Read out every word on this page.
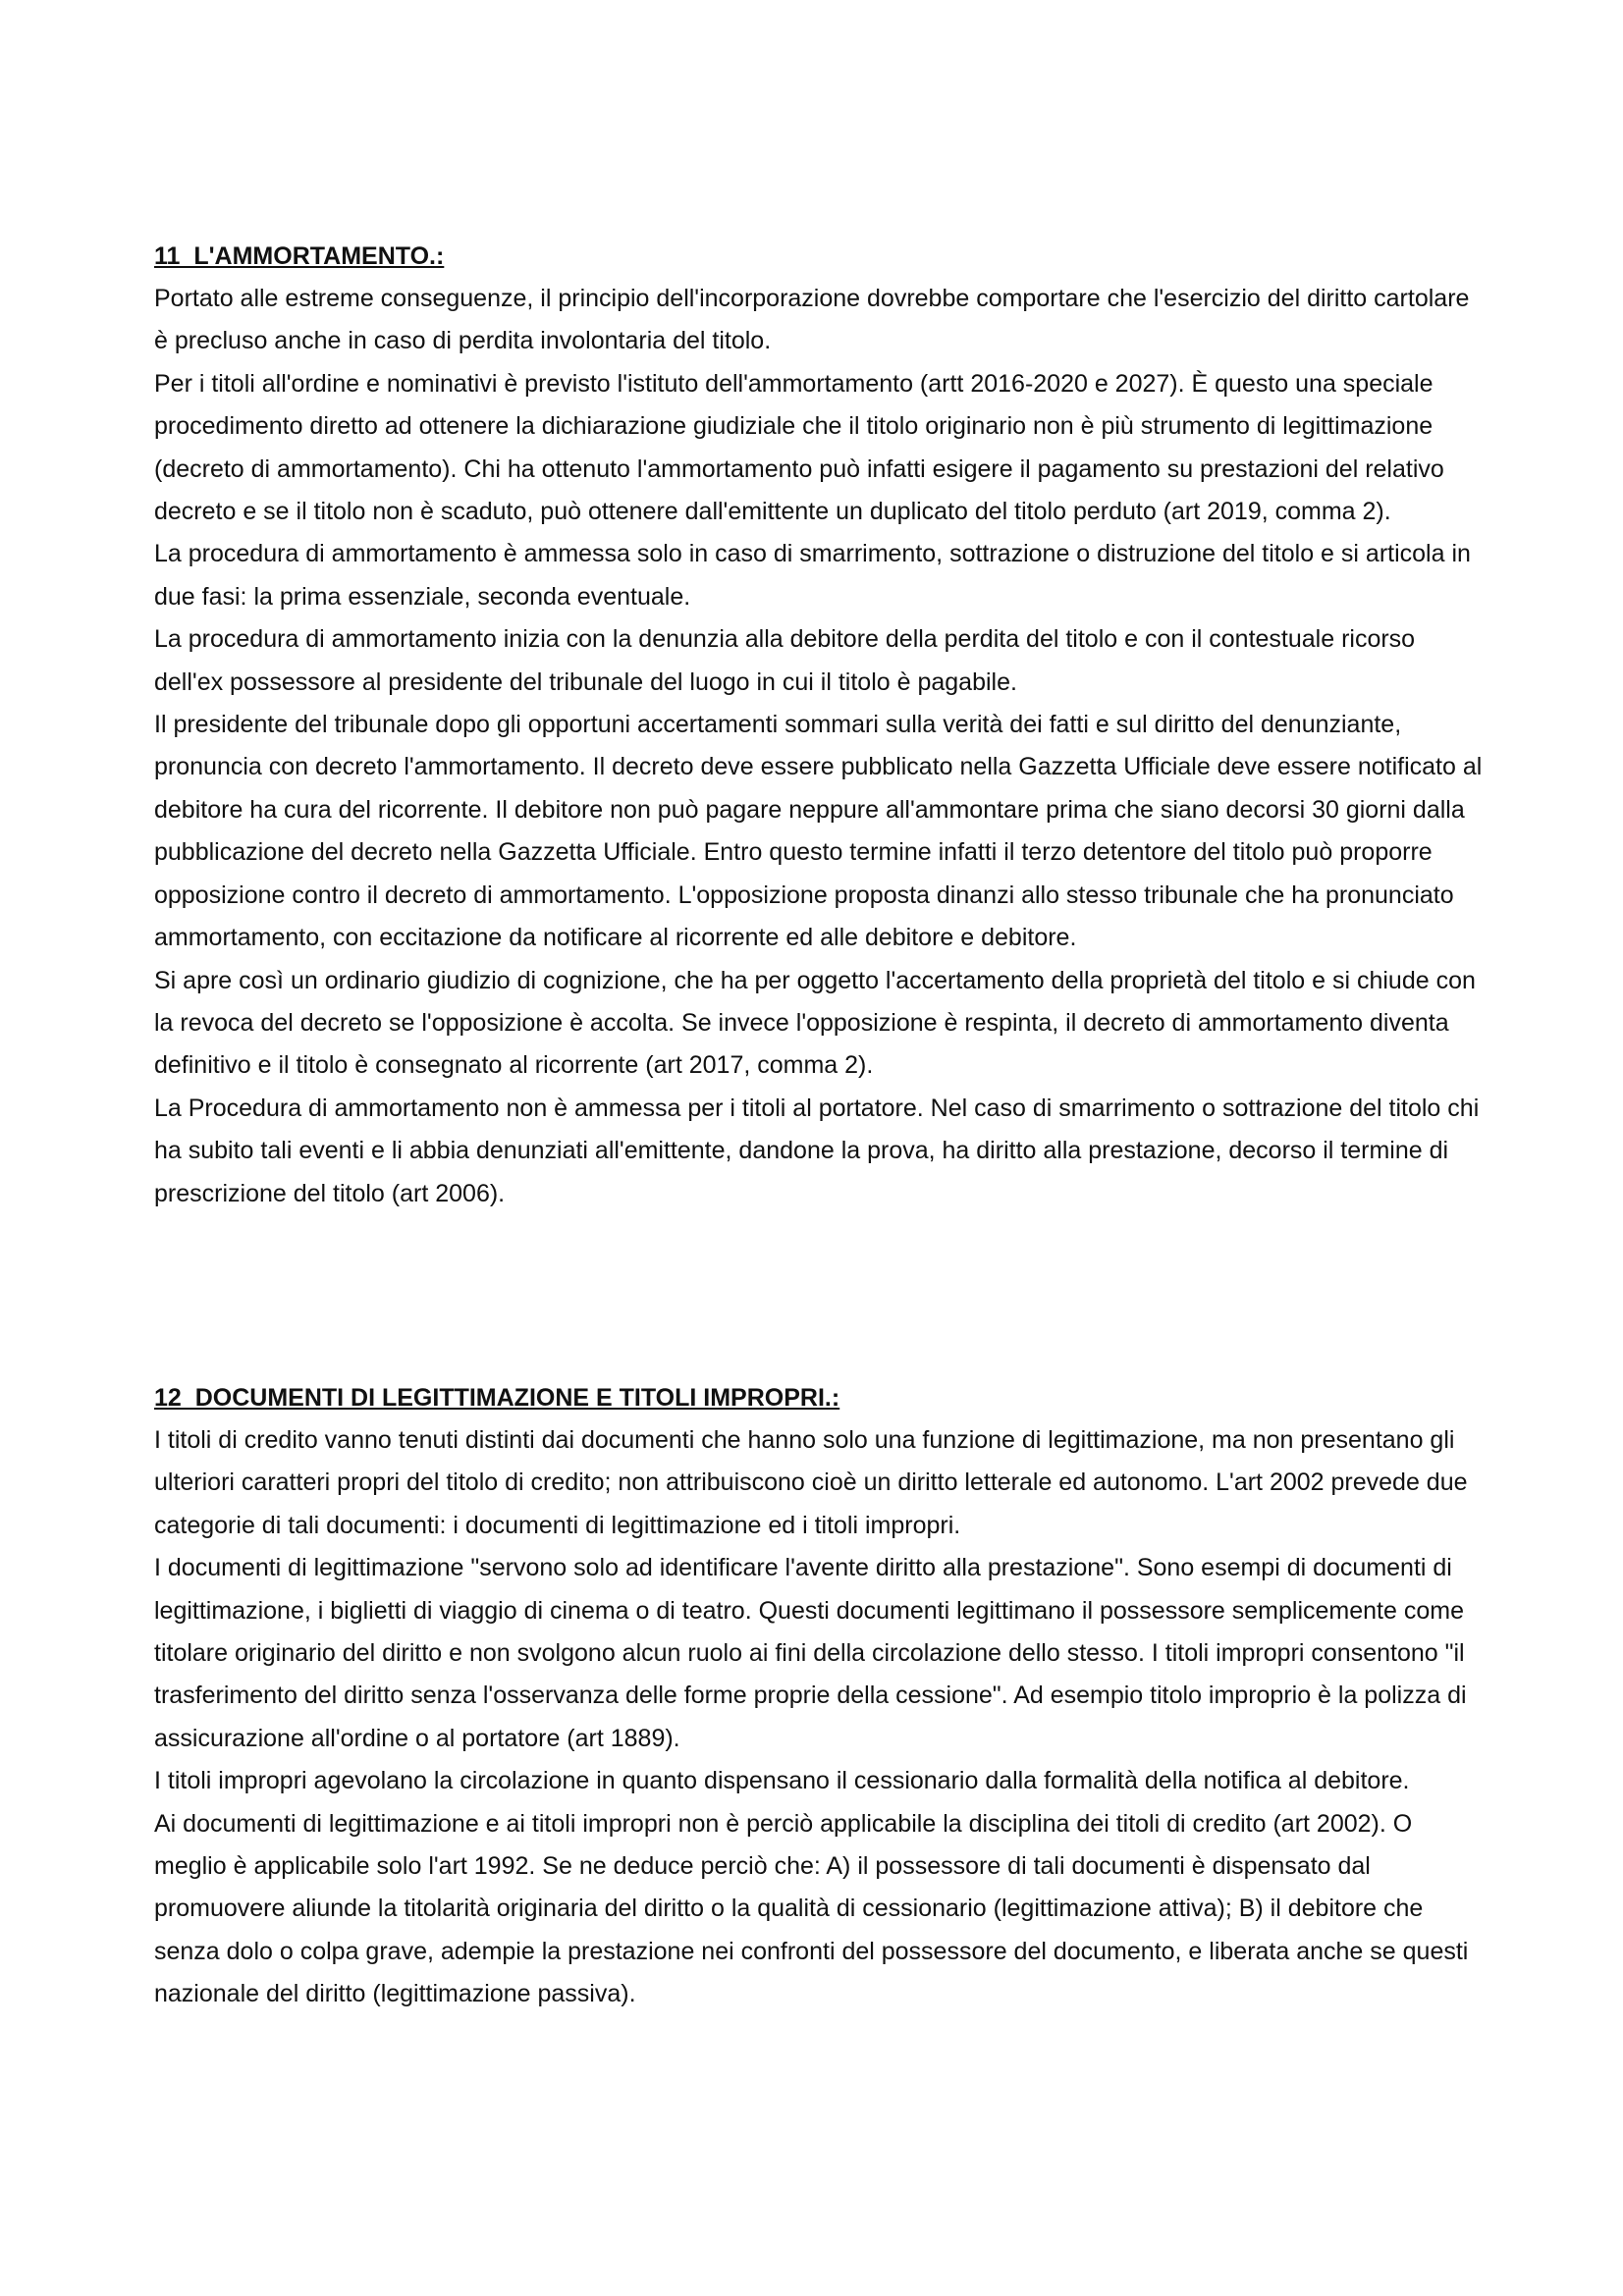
11_L'AMMORTAMENTO.:

Portato alle estreme conseguenze, il principio dell'incorporazione dovrebbe comportare che l'esercizio del diritto cartolare è precluso anche in caso di perdita involontaria del titolo.

Per i titoli all'ordine e nominativi è previsto l'istituto dell'ammortamento (artt 2016-2020 e 2027). È questo una speciale procedimento diretto ad ottenere la dichiarazione giudiziale che il titolo originario non è più strumento di legittimazione (decreto di ammortamento). Chi ha ottenuto l'ammortamento può infatti esigere il pagamento su prestazioni del relativo decreto e se il titolo non è scaduto, può ottenere dall'emittente un duplicato del titolo perduto (art 2019, comma 2).

La procedura di ammortamento è ammessa solo in caso di smarrimento, sottrazione o distruzione del titolo e si articola in due fasi: la prima essenziale, seconda eventuale.

La procedura di ammortamento inizia con la denunzia alla debitore della perdita del titolo e con il contestuale ricorso dell'ex possessore al presidente del tribunale del luogo in cui il titolo è pagabile.

Il presidente del tribunale dopo gli opportuni accertamenti sommari sulla verità dei fatti e sul diritto del denunziante, pronuncia con decreto l'ammortamento. Il decreto deve essere pubblicato nella Gazzetta Ufficiale deve essere notificato al debitore ha cura del ricorrente. Il debitore non può pagare neppure all'ammontare prima che siano decorsi 30 giorni dalla pubblicazione del decreto nella Gazzetta Ufficiale. Entro questo termine infatti il terzo detentore del titolo può proporre opposizione contro il decreto di ammortamento. L'opposizione proposta dinanzi allo stesso tribunale che ha pronunciato ammortamento, con eccitazione da notificare al ricorrente ed alle debitore e debitore.

Si apre così un ordinario giudizio di cognizione, che ha per oggetto l'accertamento della proprietà del titolo e si chiude con la revoca del decreto se l'opposizione è accolta. Se invece l'opposizione è respinta, il decreto di ammortamento diventa definitivo e il titolo è consegnato al ricorrente (art 2017, comma 2).

La Procedura di ammortamento non è ammessa per i titoli al portatore. Nel caso di smarrimento o sottrazione del titolo chi ha subito tali eventi e li abbia denunziati all'emittente, dandone la prova, ha diritto alla prestazione, decorso il termine di prescrizione del titolo (art 2006).

12_DOCUMENTI DI LEGITTIMAZIONE E TITOLI IMPROPRI.:

I titoli di credito vanno tenuti distinti dai documenti che hanno solo una funzione di legittimazione, ma non presentano gli ulteriori caratteri propri del titolo di credito; non attribuiscono cioè un diritto letterale ed autonomo. L'art 2002 prevede due categorie di tali documenti: i documenti di legittimazione ed i titoli impropri.

I documenti di legittimazione "servono solo ad identificare l'avente diritto alla prestazione". Sono esempi di documenti di legittimazione, i biglietti di viaggio di cinema o di teatro. Questi documenti legittimano il possessore semplicemente come titolare originario del diritto e non svolgono alcun ruolo ai fini della circolazione dello stesso. I titoli impropri consentono "il trasferimento del diritto senza l'osservanza delle forme proprie della cessione". Ad esempio titolo improprio è la polizza di assicurazione all'ordine o al portatore (art 1889).

I titoli impropri agevolano la circolazione in quanto dispensano il cessionario dalla formalità della notifica al debitore.

Ai documenti di legittimazione e ai titoli impropri non è perciò applicabile la disciplina dei titoli di credito (art 2002). O meglio è applicabile solo l'art 1992. Se ne deduce perciò che: A) il possessore di tali documenti è dispensato dal promuovere aliunde la titolarità originaria del diritto o la qualità di cessionario (legittimazione attiva); B) il debitore che senza dolo o colpa grave, adempie la prestazione nei confronti del possessore del documento, e liberata anche se questi nazionale del diritto (legittimazione passiva).
